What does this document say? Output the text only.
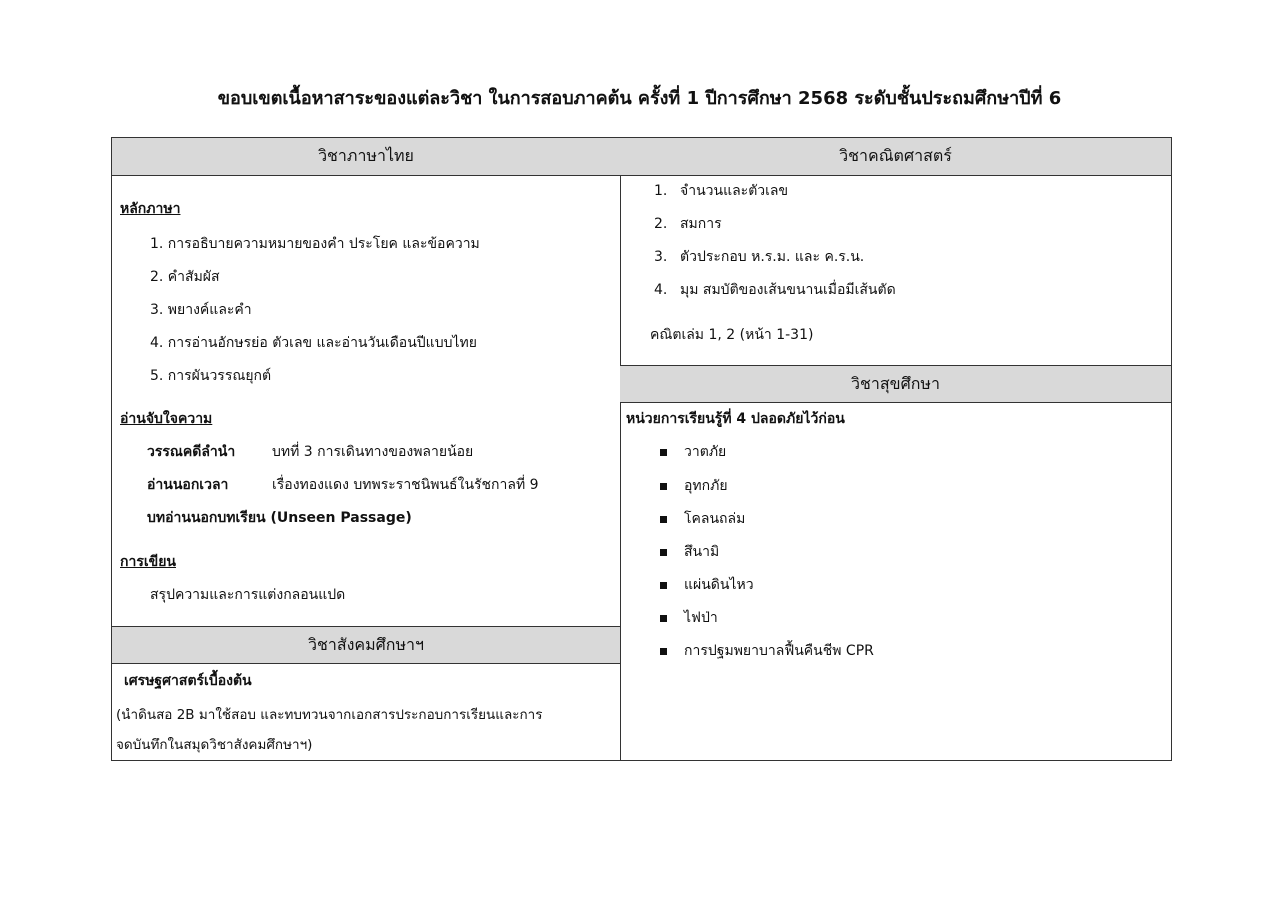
ขอบเขตเนื้อหาสาระของแต่ละวิชา ในการสอบภาคต้น ครั้งที่ 1 ปีการศึกษา 2568 ระดับชั้นประถมศึกษาปีที่ 6
วิชาภาษาไทย
หลักภาษา
1. การอธิบายความหมายของคำ ประโยค และข้อความ
2. คำสัมผัส
3. พยางค์และคำ
4. การอ่านอักษรย่อ ตัวเลข และอ่านวันเดือนปีแบบไทย
5. การผันวรรณยุกต์
อ่านจับใจความ
วรรณคดีลำนำ	บทที่ 3 การเดินทางของพลายน้อย
อ่านนอกเวลา	เรื่องทองแดง บทพระราชนิพนธ์ในรัชกาลที่ 9
บทอ่านนอกบทเรียน (Unseen Passage)
การเขียน
สรุปความและการแต่งกลอนแปด
วิชาสังคมศึกษาฯ
เศรษฐศาสตร์เบื้องต้น
(นำดินสอ 2B มาใช้สอบ และทบทวนจากเอกสารประกอบการเรียนและการ
จดบันทึกในสมุดวิชาสังคมศึกษาฯ)
วิชาคณิตศาสตร์
1. จำนวนและตัวเลข
2. สมการ
3. ตัวประกอบ ห.ร.ม. และ ค.ร.น.
4. มุม สมบัติของเส้นขนานเมื่อมีเส้นตัด
คณิตเล่ม 1, 2 (หน้า 1-31)
วิชาสุขศึกษา
หน่วยการเรียนรู้ที่ 4 ปลอดภัยไว้ก่อน
วาตภัย
อุทกภัย
โคลนถล่ม
สึนามิ
แผ่นดินไหว
ไฟป่า
การปฐมพยาบาลฟื้นคืนชีพ CPR
